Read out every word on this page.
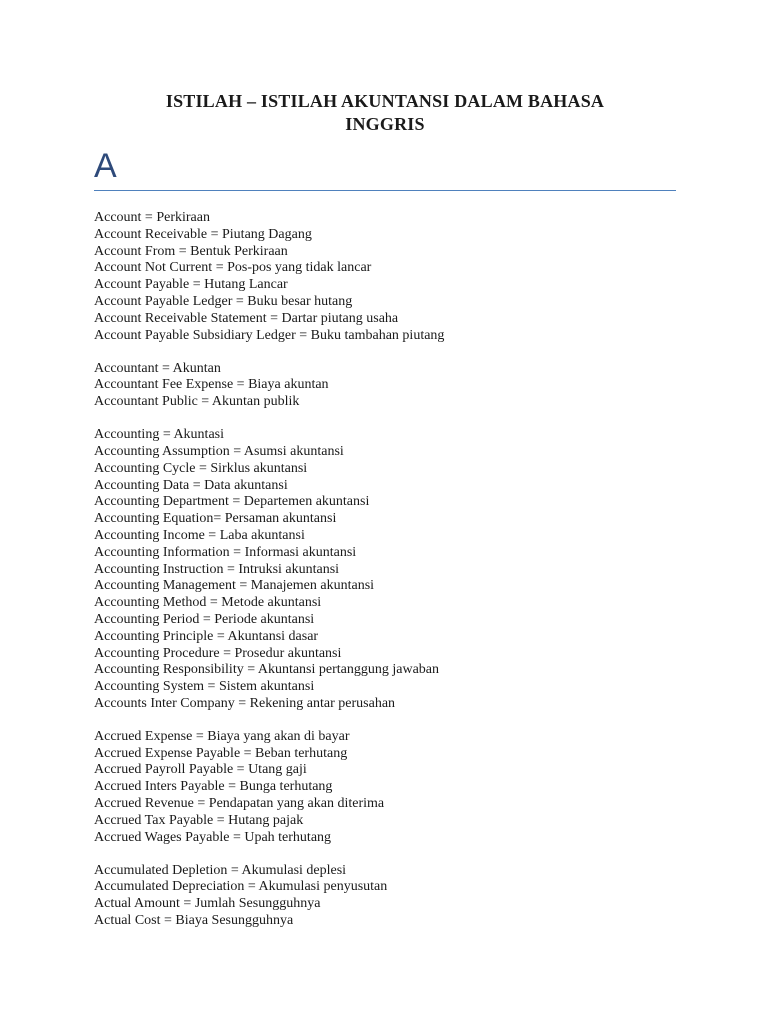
ISTILAH – ISTILAH AKUNTANSI DALAM BAHASA
INGGRIS
A
Account = Perkiraan
Account Receivable = Piutang Dagang
Account From = Bentuk Perkiraan
Account Not Current = Pos-pos yang tidak lancar
Account Payable = Hutang Lancar
Account Payable Ledger = Buku besar hutang
Account Receivable Statement = Dartar piutang usaha
Account Payable Subsidiary Ledger = Buku tambahan piutang
Accountant = Akuntan
Accountant Fee Expense = Biaya akuntan
Accountant Public = Akuntan publik
Accounting = Akuntasi
Accounting Assumption = Asumsi akuntansi
Accounting Cycle = Sirklus akuntansi
Accounting Data = Data akuntansi
Accounting Department = Departemen akuntansi
Accounting Equation= Persaman akuntansi
Accounting Income = Laba akuntansi
Accounting Information = Informasi akuntansi
Accounting Instruction = Intruksi akuntansi
Accounting Management = Manajemen akuntansi
Accounting Method = Metode akuntansi
Accounting Period = Periode akuntansi
Accounting Principle = Akuntansi dasar
Accounting Procedure = Prosedur akuntansi
Accounting Responsibility = Akuntansi pertanggung jawaban
Accounting System = Sistem akuntansi
Accounts Inter Company = Rekening antar perusahan
Accrued Expense = Biaya yang akan di bayar
Accrued Expense Payable = Beban terhutang
Accrued Payroll Payable = Utang gaji
Accrued Inters Payable = Bunga terhutang
Accrued Revenue = Pendapatan yang akan diterima
Accrued Tax Payable = Hutang pajak
Accrued Wages Payable = Upah terhutang
Accumulated Depletion = Akumulasi deplesi
Accumulated Depreciation = Akumulasi penyusutan
Actual Amount = Jumlah Sesungguhnya
Actual Cost = Biaya Sesungguhnya
